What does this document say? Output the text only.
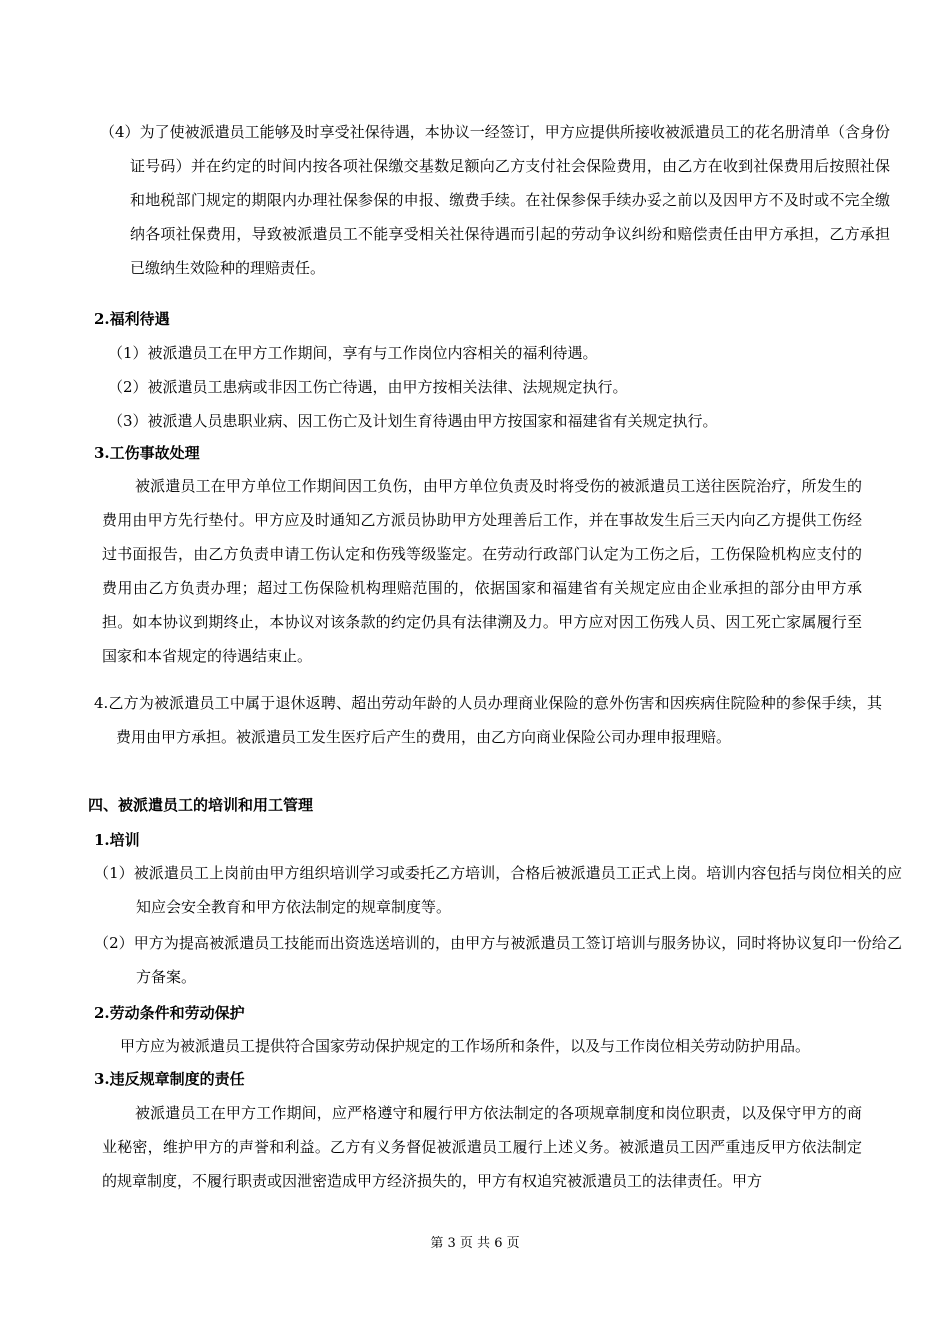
（4）为了使被派遣员工能够及时享受社保待遇，本协议一经签订，甲方应提供所接收被派遣员工的花名册清单（含身份证号码）并在约定的时间内按各项社保缴交基数足额向乙方支付社会保险费用，由乙方在收到社保费用后按照社保和地税部门规定的期限内办理社保参保的申报、缴费手续。在社保参保手续办妥之前以及因甲方不及时或不完全缴纳各项社保费用，导致被派遣员工不能享受相关社保待遇而引起的劳动争议纠纷和赔偿责任由甲方承担，乙方承担已缴纳生效险种的理赔责任。

2.福利待遇

（1）被派遣员工在甲方工作期间，享有与工作岗位内容相关的福利待遇。

（2）被派遣员工患病或非因工伤亡待遇，由甲方按相关法律、法规规定执行。

（3）被派遣人员患职业病、因工伤亡及计划生育待遇由甲方按国家和福建省有关规定执行。

3.工伤事故处理

被派遣员工在甲方单位工作期间因工负伤，由甲方单位负责及时将受伤的被派遣员工送往医院治疗，所发生的费用由甲方先行垫付。甲方应及时通知乙方派员协助甲方处理善后工作，并在事故发生后三天内向乙方提供工伤经过书面报告，由乙方负责申请工伤认定和伤残等级鉴定。在劳动行政部门认定为工伤之后，工伤保险机构应支付的费用由乙方负责办理；超过工伤保险机构理赔范围的，依据国家和福建省有关规定应由企业承担的部分由甲方承担。如本协议到期终止，本协议对该条款的约定仍具有法律溯及力。甲方应对因工伤残人员、因工死亡家属履行至国家和本省规定的待遇结束止。

4.乙方为被派遣员工中属于退休返聘、超出劳动年龄的人员办理商业保险的意外伤害和因疾病住院险种的参保手续，其费用由甲方承担。被派遣员工发生医疗后产生的费用，由乙方向商业保险公司办理申报理赔。

四、被派遣员工的培训和用工管理

1.培训

（1）被派遣员工上岗前由甲方组织培训学习或委托乙方培训，合格后被派遣员工正式上岗。培训内容包括与岗位相关的应知应会安全教育和甲方依法制定的规章制度等。

（2）甲方为提高被派遣员工技能而出资选送培训的，由甲方与被派遣员工签订培训与服务协议，同时将协议复印一份给乙方备案。

2.劳动条件和劳动保护

甲方应为被派遣员工提供符合国家劳动保护规定的工作场所和条件，以及与工作岗位相关劳动防护用品。

3.违反规章制度的责任

被派遣员工在甲方工作期间，应严格遵守和履行甲方依法制定的各项规章制度和岗位职责，以及保守甲方的商业秘密，维护甲方的声誉和利益。乙方有义务督促被派遣员工履行上述义务。被派遣员工因严重违反甲方依法制定的规章制度，不履行职责或因泄密造成甲方经济损失的，甲方有权追究被派遣员工的法律责任。甲方

第 3 页 共 6 页
